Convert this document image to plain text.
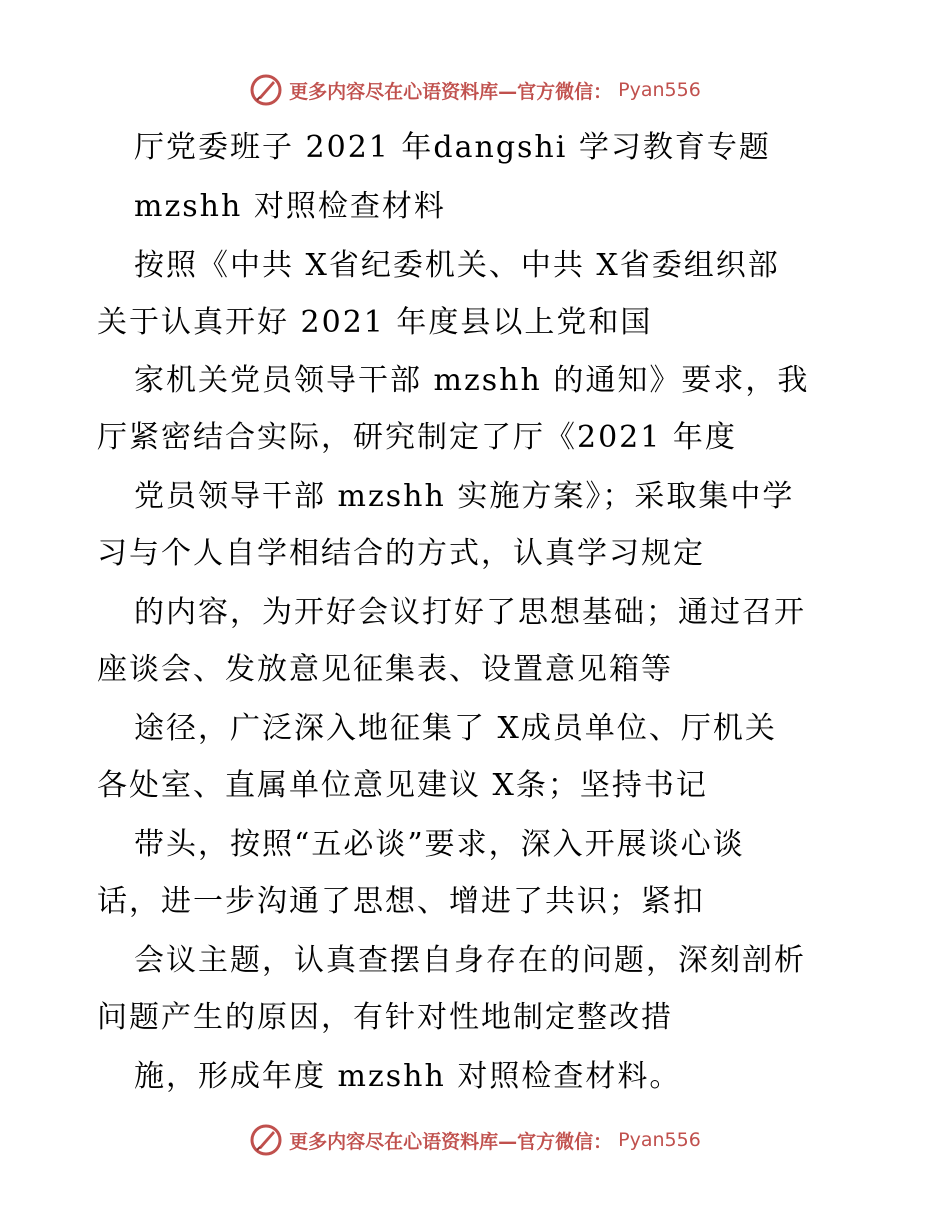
更多内容尽在心语资料库—官方微信： Pyan556
厅党委班子 2021 年dangshi 学习教育专题
mzshh 对照检查材料
按照《中共 X省纪委机关、中共 X省委组织部
关于认真开好 2021 年度县以上党和国
家机关党员领导干部 mzshh 的通知》要求，我
厅紧密结合实际，研究制定了厅《2021 年度
党员领导干部 mzshh 实施方案》；采取集中学
习与个人自学相结合的方式，认真学习规定
的内容，为开好会议打好了思想基础；通过召开
座谈会、发放意见征集表、设置意见箱等
途径，广泛深入地征集了 X成员单位、厅机关
各处室、直属单位意见建议 X条；坚持书记
带头，按照“五必谈”要求，深入开展谈心谈
话，进一步沟通了思想、增进了共识；紧扣
会议主题，认真查摆自身存在的问题，深刻剖析
问题产生的原因，有针对性地制定整改措
施，形成年度 mzshh 对照检查材料。
更多内容尽在心语资料库—官方微信： Pyan556
